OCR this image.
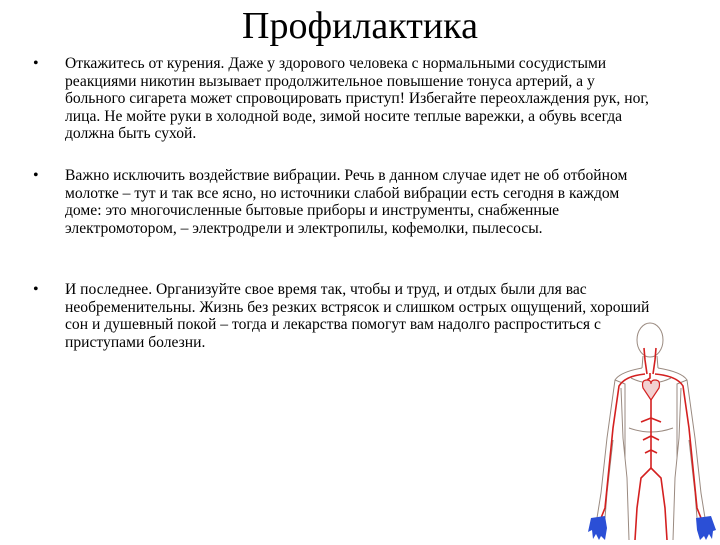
Профилактика
• Откажитесь от курения. Даже у здорового человека с нормальными сосудистыми реакциями никотин вызывает продолжительное повышение тонуса артерий, а у больного сигарета может спровоцировать приступ! Избегайте переохлаждения рук, ног, лица. Не мойте руки в холодной воде, зимой носите теплые варежки, а обувь всегда должна быть сухой.
• Важно исключить воздействие вибрации. Речь в данном случае идет не об отбойном молотке – тут и так все ясно, но источники слабой вибрации есть сегодня в каждом доме: это многочисленные бытовые приборы и инструменты, снабженные электромотором, – электродрели и электропилы, кофемолки, пылесосы.
• И последнее. Организуйте свое время так, чтобы и труд, и отдых были для вас необременительны. Жизнь без резких встрясок и слишком острых ощущений, хороший сон и душевный покой – тогда и лекарства помогут вам надолго распроститься с приступами болезни.
